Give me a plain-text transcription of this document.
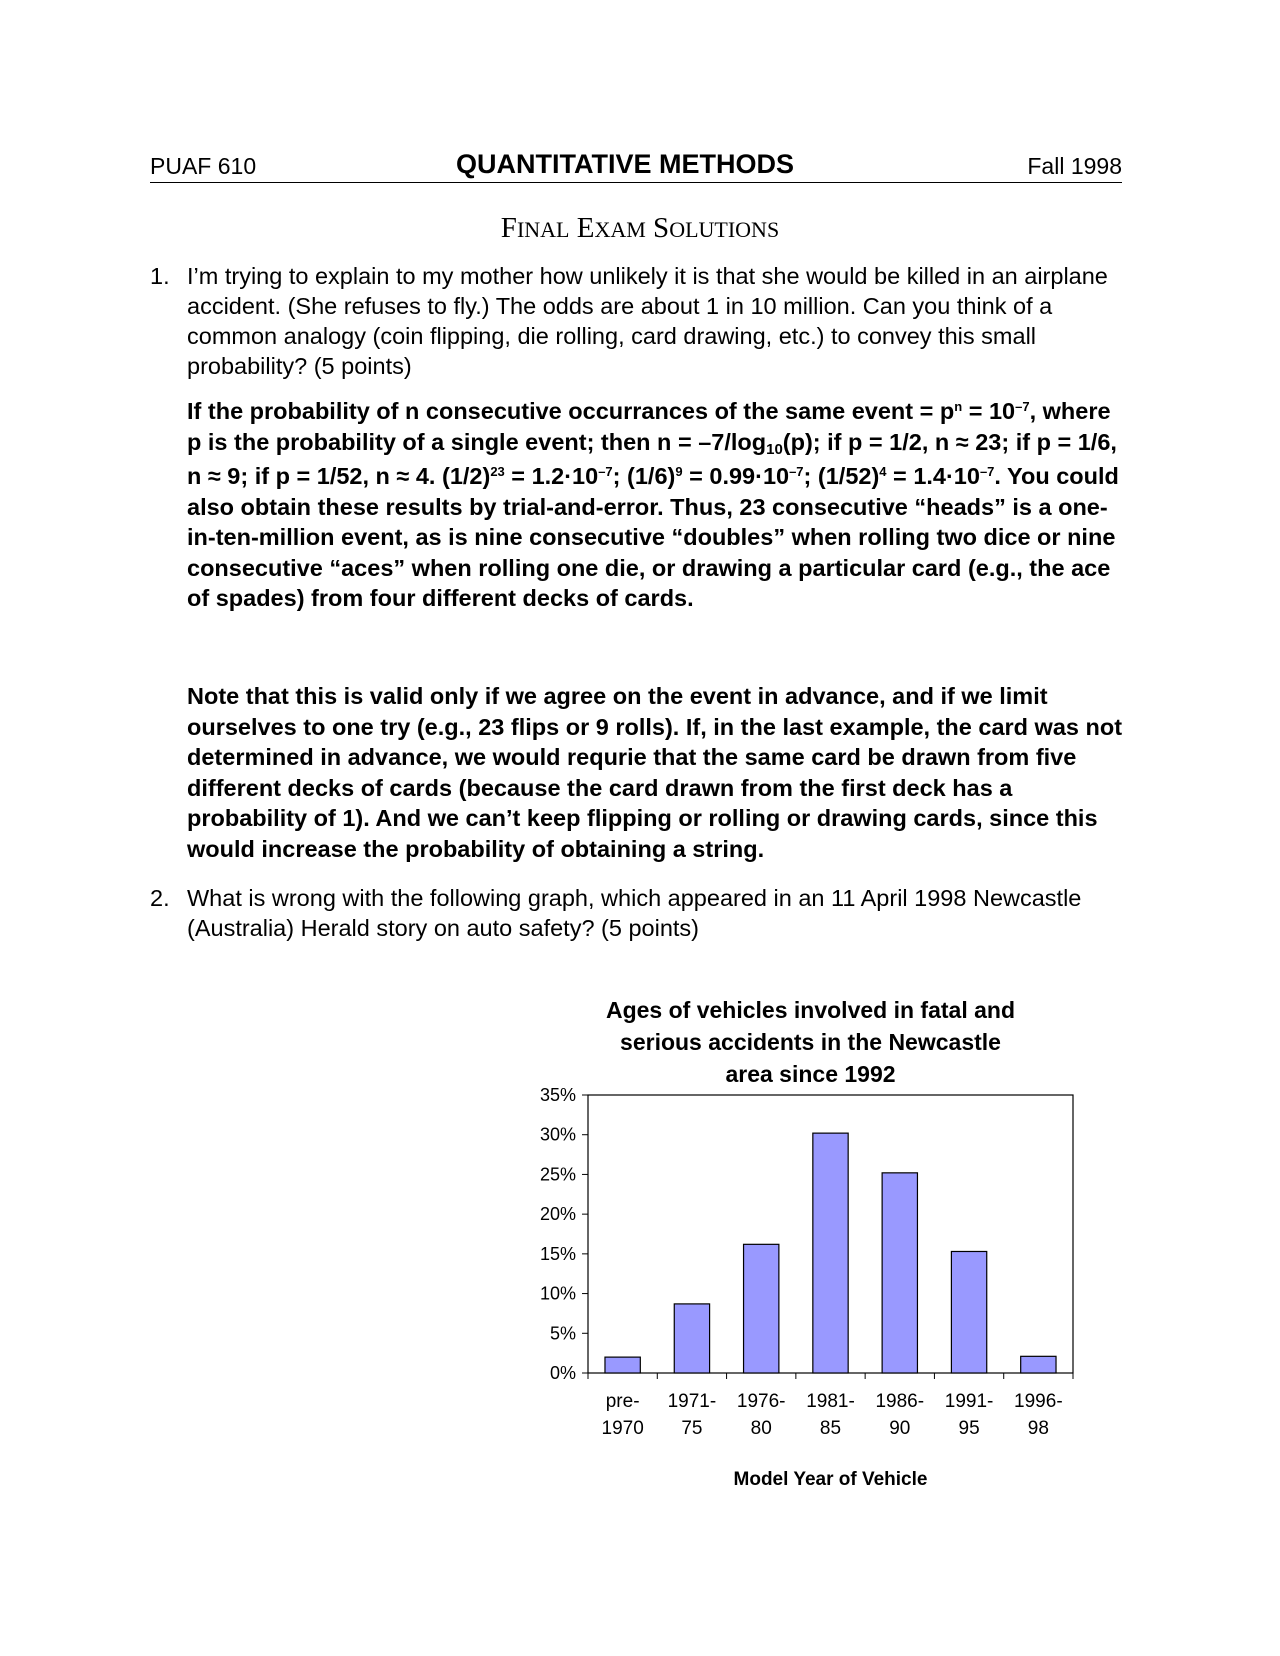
PUAF 610	QUANTITATIVE METHODS	Fall 1998
FINAL EXAM SOLUTIONS
1. I’m trying to explain to my mother how unlikely it is that she would be killed in an airplane accident. (She refuses to fly.) The odds are about 1 in 10 million. Can you think of a common analogy (coin flipping, die rolling, card drawing, etc.) to convey this small probability? (5 points)
If the probability of n consecutive occurrances of the same event = $p^n = 10^{-7}$, where p is the probability of a single event; then $n = -7/\log_{10}(p)$; if p = 1/2, n ≈ 23; if p = 1/6, n ≈ 9; if p = 1/52, n ≈ 4. $(1/2)^{23} = 1.2\cdot 10^{-7}$; $(1/6)^9 = 0.99\cdot 10^{-7}$; $(1/52)^4 = 1.4\cdot 10^{-7}$. You could also obtain these results by trial-and-error. Thus, 23 consecutive “heads” is a one-in-ten-million event, as is nine consecutive “doubles” when rolling two dice or nine consecutive “aces” when rolling one die, or drawing a particular card (e.g., the ace of spades) from four different decks of cards.
Note that this is valid only if we agree on the event in advance, and if we limit ourselves to one try (e.g., 23 flips or 9 rolls). If, in the last example, the card was not determined in advance, we would requrie that the same card be drawn from five different decks of cards (because the card drawn from the first deck has a probability of 1). And we can’t keep flipping or rolling or drawing cards, since this would increase the probability of obtaining a string.
2. What is wrong with the following graph, which appeared in an 11 April 1998 Newcastle (Australia) Herald story on auto safety? (5 points)
Ages of vehicles involved in fatal and
serious accidents in the Newcastle
area since 1992
0%
5%
10%
15%
20%
25%
30%
35%
pre-
1970
1971-
75
1976-
80
1981-
85
1986-
90
1991-
95
1996-
98
Model Year of Vehicle
